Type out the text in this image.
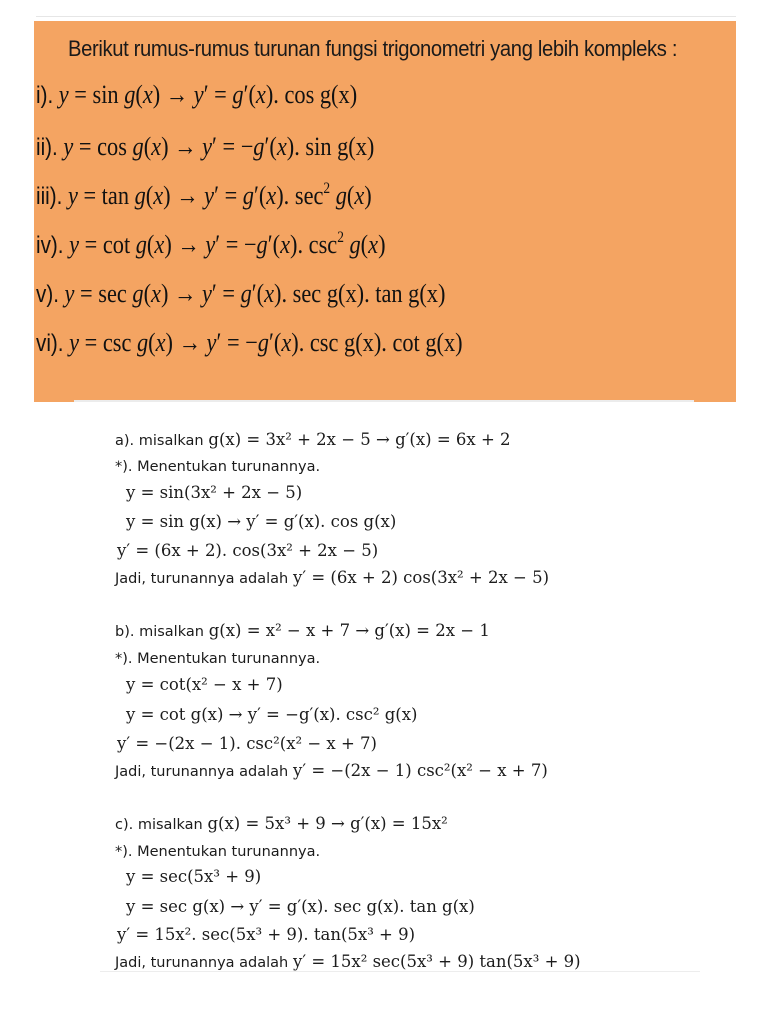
Berikut rumus-rumus turunan fungsi trigonometri yang lebih kompleks :
i). y = sin g(x) → y′ = g′(x). cos g(x)
ii). y = cos g(x) → y′ = −g′(x). sin g(x)
iii). y = tan g(x) → y′ = g′(x). $\sec^2 g(x)$
iv). y = cot g(x) → y′ = −g′(x). $\csc^2 g(x)$
v). y = sec g(x) → y′ = g′(x). sec g(x). tan g(x)
vi). y = csc g(x) → y′ = −g′(x). csc g(x). cot g(x)
a). misalkan g(x) = 3x² + 2x − 5 → g′(x) = 6x + 2
*). Menentukan turunannya.
y = sin(3x² + 2x − 5)
y = sin g(x) → y′ = g′(x). cos g(x)
y′ = (6x + 2). cos(3x² + 2x − 5)
Jadi, turunannya adalah y′ = (6x + 2) cos(3x² + 2x − 5)
b). misalkan g(x) = x² − x + 7 → g′(x) = 2x − 1
*). Menentukan turunannya.
y = cot(x² − x + 7)
y = cot g(x) → y′ = −g′(x). csc² g(x)
y′ = −(2x − 1). csc²(x² − x + 7)
Jadi, turunannya adalah y′ = −(2x − 1) csc²(x² − x + 7)
c). misalkan g(x) = 5x³ + 9 → g′(x) = 15x²
*). Menentukan turunannya.
y = sec(5x³ + 9)
y = sec g(x) → y′ = g′(x). sec g(x). tan g(x)
y′ = 15x². sec(5x³ + 9). tan(5x³ + 9)
Jadi, turunannya adalah y′ = 15x² sec(5x³ + 9) tan(5x³ + 9)
